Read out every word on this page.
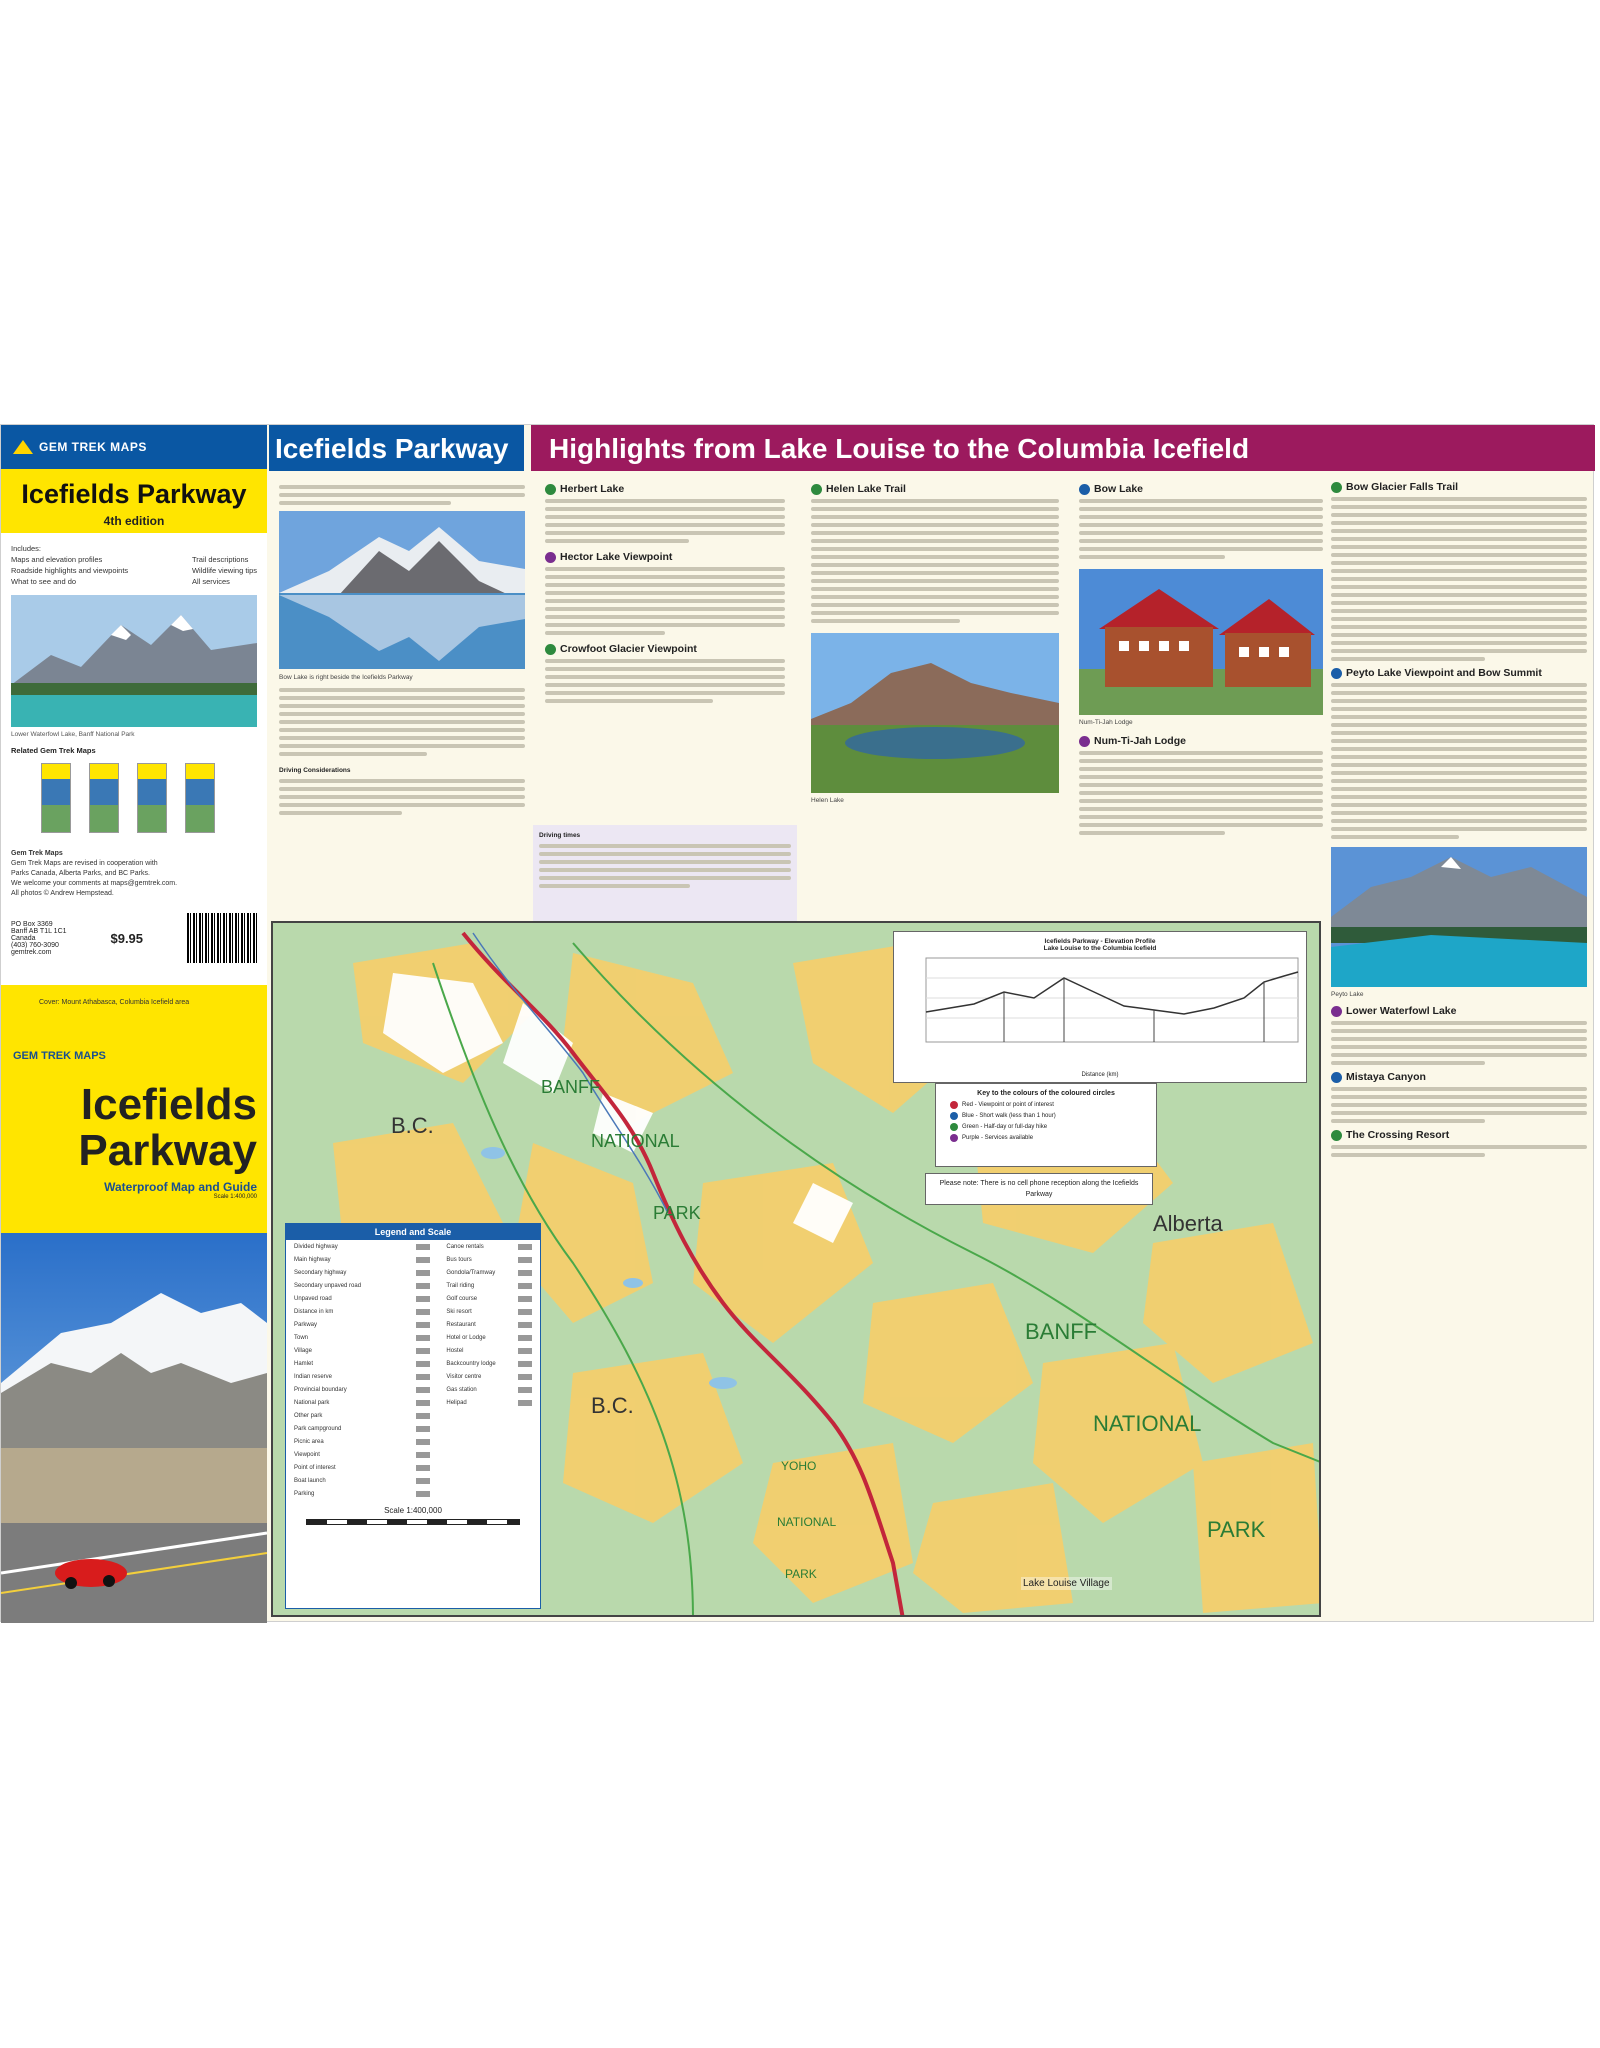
GEM TREK MAPS
Icefields Parkway
4th edition
Includes:
Maps and elevation profiles
Roadside highlights and viewpoints
What to see and do
Trail descriptions
Wildlife viewing tips
All services
Lower Waterfowl Lake, Banff National Park
Related Gem Trek Maps
Gem Trek Maps
Gem Trek Maps are revised in cooperation with
Parks Canada, Alberta Parks, and BC Parks.
We welcome your comments at maps@gemtrek.com.
All photos © Andrew Hempstead.
PO Box 3369
Banff AB T1L 1C1
Canada
(403) 760-3090
gemtrek.com
$9.95
Cover: Mount Athabasca, Columbia Icefield area
GEM TREK MAPS
Icefields
Parkway
Waterproof Map and Guide
Scale 1:400,000
Icefields Parkway	Highlights from Lake Louise to the Columbia Icefield
Bow Lake is right beside the Icefields Parkway
Driving Considerations
Driving times
Herbert Lake
Hector Lake Viewpoint
Crowfoot Glacier Viewpoint
Helen Lake Trail
Helen Lake
Bow Lake
Num-Ti-Jah Lodge
Num-Ti-Jah Lodge
B.C.
B.C.
Alberta
BANFF
NATIONAL
PARK
BANFF
NATIONAL
PARK
YOHO
NATIONAL
PARK
Lake Louise Village
Icefields Parkway - Elevation Profile
Lake Louise to the Columbia Icefield
Distance (km)
Key to the colours of the coloured circles
Red - Viewpoint or point of interest
Blue - Short walk (less than 1 hour)
Green - Half-day or full-day hike
Purple - Services available
Please note: There is no cell phone reception along the Icefields Parkway
Legend and Scale
Divided highway
Main highway
Secondary highway
Secondary unpaved road
Unpaved road
Distance in km
Parkway
Town
Village
Hamlet
Indian reserve
Provincial boundary
National park
Other park
Park campground
Picnic area
Viewpoint
Point of interest
Boat launch
Parking
Canoe rentals
Bus tours
Gondola/Tramway
Trail riding
Golf course
Ski resort
Restaurant
Hotel or Lodge
Hostel
Backcountry lodge
Visitor centre
Gas station
Helipad
Scale 1:400,000
Bow Glacier Falls Trail
Peyto Lake Viewpoint and Bow Summit
Peyto Lake
Lower Waterfowl Lake
Mistaya Canyon
The Crossing Resort
